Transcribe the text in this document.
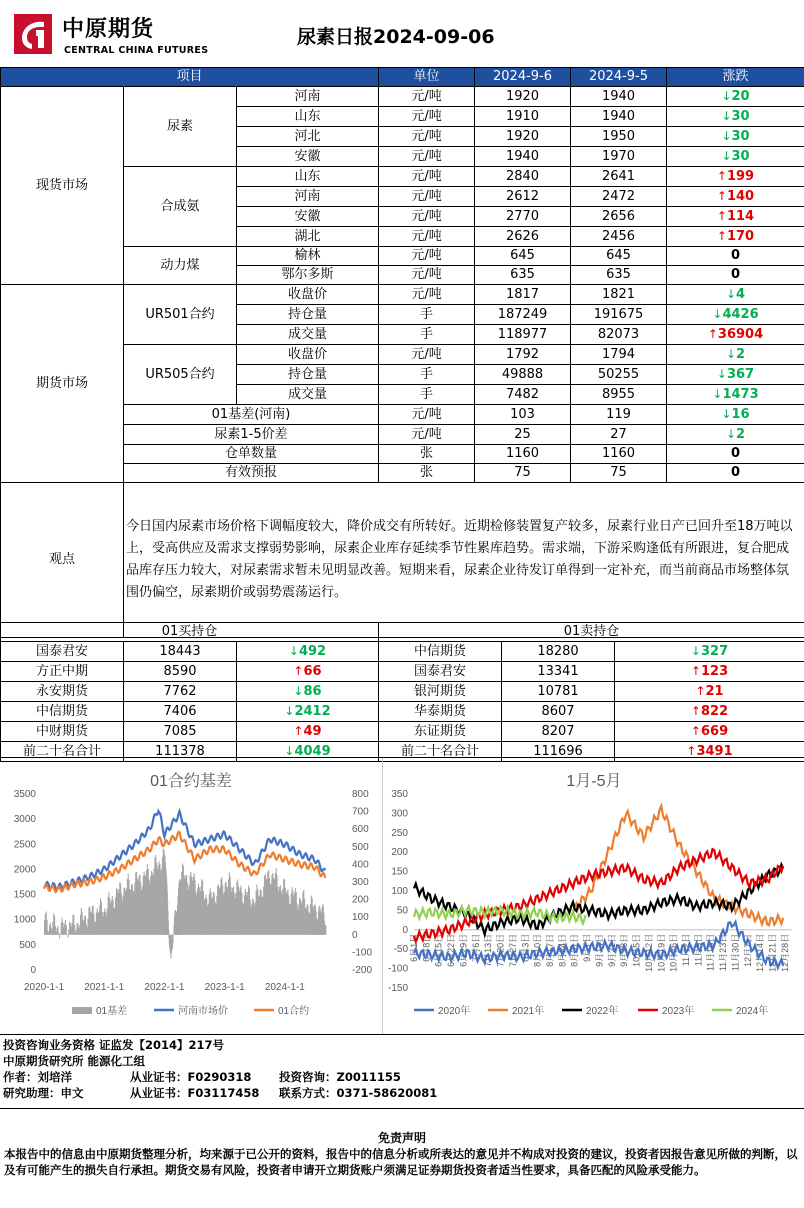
中原期货
CENTRAL CHINA FUTURES
尿素日报2024-09-06
项目			单位	2024-9-6	2024-9-5	涨跌
现货市场	尿素	河南	元/吨	1920	1940	↓20
		山东	元/吨	1910	1940	↓30
		河北	元/吨	1920	1950	↓30
		安徽	元/吨	1940	1970	↓30
	合成氨	山东	元/吨	2840	2641	↑199
		河南	元/吨	2612	2472	↑140
		安徽	元/吨	2770	2656	↑114
		湖北	元/吨	2626	2456	↑170
	动力煤	榆林	元/吨	645	645	0
		鄂尔多斯	元/吨	635	635	0
期货市场	UR501合约	收盘价	元/吨	1817	1821	↓4
		持仓量	手	187249	191675	↓4426
		成交量	手	118977	82073	↑36904
	UR505合约	收盘价	元/吨	1792	1794	↓2
		持仓量	手	49888	50255	↓367
		成交量	手	7482	8955	↓1473
	01基差(河南)		元/吨	103	119	↓16
	尿素1-5价差		元/吨	25	27	↓2
	仓单数量		张	1160	1160	0
	有效预报		张	75	75	0
观点	今日国内尿素市场价格下调幅度较大，降价成交有所转好。近期检修装置复产较多，尿素行业日产已回升至18万吨以上，受高供应及需求支撑弱势影响，尿素企业库存延续季节性累库趋势。需求端，下游采购逢低有所跟进，复合肥成品库存压力较大，对尿素需求暂未见明显改善。短期来看，尿素企业待发订单得到一定补充，而当前商品市场整体氛围仍偏空，尿素期价或弱势震荡运行。					
01买持仓			01卖持仓		
国泰君安	18443	↓492	中信期货	18280	↓327
方正中期	8590	↑66	国泰君安	13341	↑123
永安期货	7762	↓86	银河期货	10781	↑21
中信期货	7406	↓2412	华泰期货	8607	↑822
中财期货	7085	↑49	东证期货	8207	↑669
前二十名合计	111378	↓4049	前二十名合计	111696	↑3491
01合约基差
0
500
1000
1500
2000
2500
3000
3500
-200
-100
0
100
200
300
400
500
600
700
800
2020-1-1 2021-1-1 2022-1-1 2023-1-1 2024-1-1
01基差	河南市场价	01合约
1月-5月
-150
-100
-50
0
50
100
150
200
250
300
350
6月1日 6月8日 6月15日 6月22日 6月29日 7月6日 7月13日 7月20日 7月27日 8月3日 8月10日 8月17日 8月24日 8月31日 9月7日 9月14日 9月21日 9月28日 10月5日 10月12日 10月19日 10月26日 11月2日 11月9日 11月16日 11月23日 11月30日 12月7日 12月14日 12月21日 12月28日
2020年	2021年	2022年	2023年	2024年
投资咨询业务资格 证监发【2014】217号
中原期货研究所 能源化工组
作者：刘培洋	从业证书：F0290318 投资咨询：Z0011155
研究助理：申文	从业证书：F03117458 联系方式：0371-58620081
免责声明
本报告中的信息由中原期货整理分析，均来源于已公开的资料，报告中的信息分析或所表达的意见并不构成对投资的建议，投资者因报告意见所做的判断，以及有可能产生的损失自行承担。期货交易有风险，投资者申请开立期货账户须满足证券期货投资者适当性要求，具备匹配的风险承受能力。
